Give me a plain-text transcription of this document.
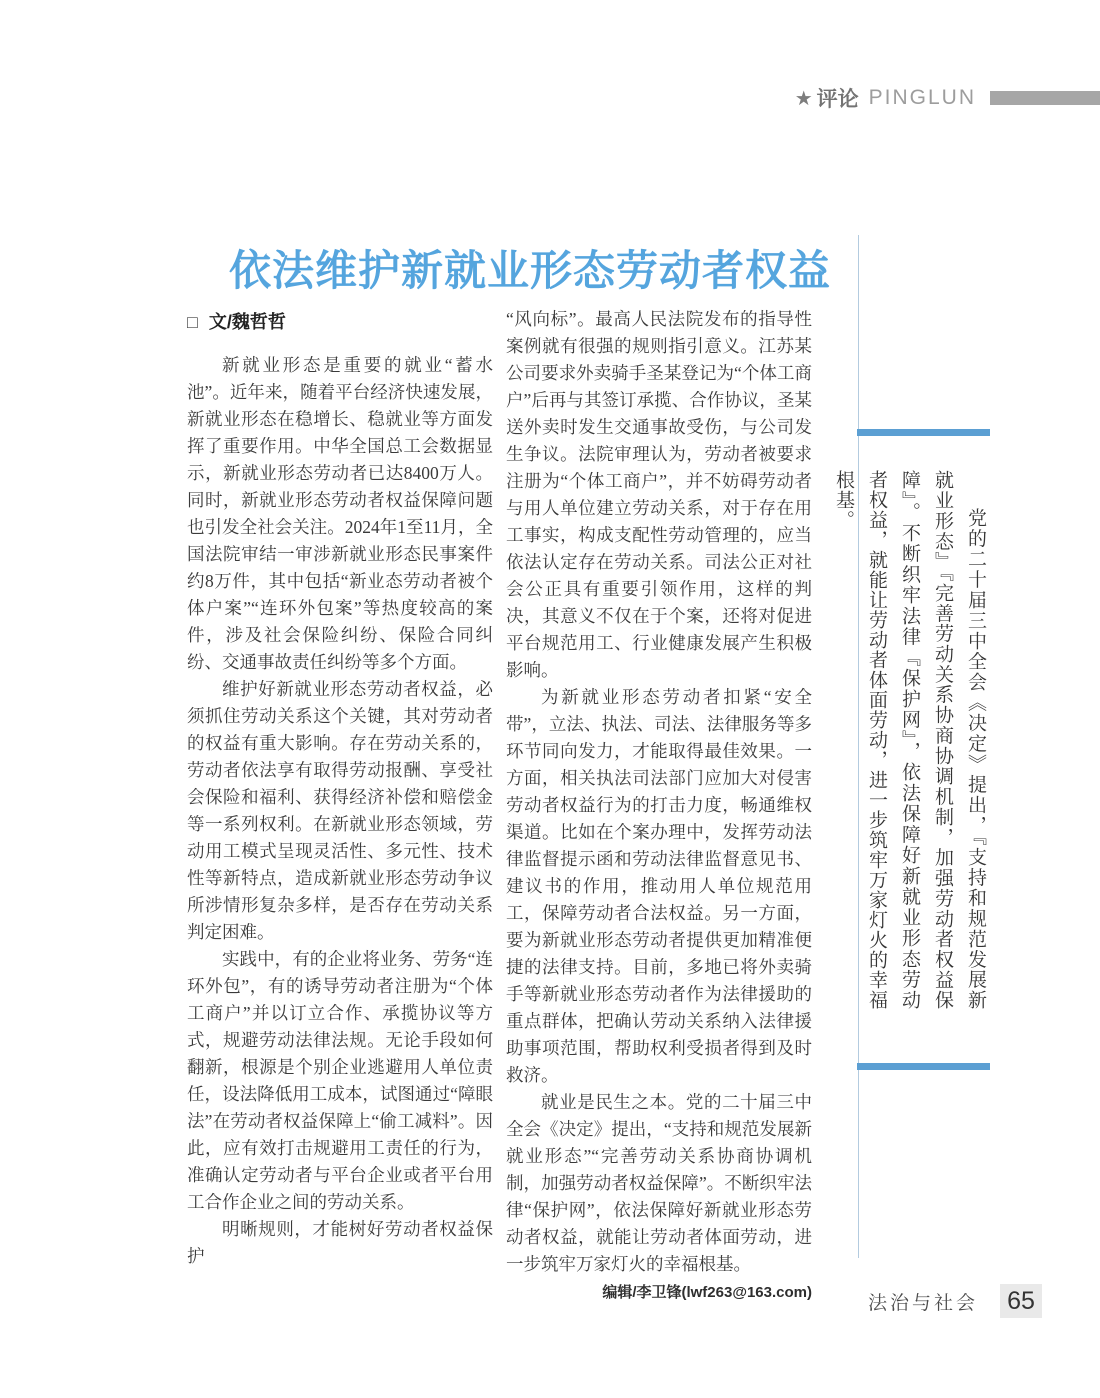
★ 评论 PINGLUN
依法维护新就业形态劳动者权益
□ 文/魏哲哲

新就业形态是重要的就业“蓄水池”。近年来，随着平台经济快速发展，新就业形态在稳增长、稳就业等方面发挥了重要作用。中华全国总工会数据显示，新就业形态劳动者已达8400万人。同时，新就业形态劳动者权益保障问题也引发全社会关注。2024年1至11月，全国法院审结一审涉新就业形态民事案件约8万件，其中包括“新业态劳动者被个体户案”“连环外包案”等热度较高的案件，涉及社会保险纠纷、保险合同纠纷、交通事故责任纠纷等多个方面。

维护好新就业形态劳动者权益，必须抓住劳动关系这个关键，其对劳动者的权益有重大影响。存在劳动关系的，劳动者依法享有取得劳动报酬、享受社会保险和福利、获得经济补偿和赔偿金等一系列权利。在新就业形态领域，劳动用工模式呈现灵活性、多元性、技术性等新特点，造成新就业形态劳动争议所涉情形复杂多样，是否存在劳动关系判定困难。

实践中，有的企业将业务、劳务“连环外包”，有的诱导劳动者注册为“个体工商户”并以订立合作、承揽协议等方式，规避劳动法律法规。无论手段如何翻新，根源是个别企业逃避用人单位责任，设法降低用工成本，试图通过“障眼法”在劳动者权益保障上“偷工减料”。因此，应有效打击规避用工责任的行为，准确认定劳动者与平台企业或者平台用工合作企业之间的劳动关系。

明晰规则，才能树好劳动者权益保护

“风向标”。最高人民法院发布的指导性案例就有很强的规则指引意义。江苏某公司要求外卖骑手圣某登记为“个体工商户”后再与其签订承揽、合作协议，圣某送外卖时发生交通事故受伤，与公司发生争议。法院审理认为，劳动者被要求注册为“个体工商户”，并不妨碍劳动者与用人单位建立劳动关系，对于存在用工事实，构成支配性劳动管理的，应当依法认定存在劳动关系。司法公正对社会公正具有重要引领作用，这样的判决，其意义不仅在于个案，还将对促进平台规范用工、行业健康发展产生积极影响。

为新就业形态劳动者扣紧“安全带”，立法、执法、司法、法律服务等多环节同向发力，才能取得最佳效果。一方面，相关执法司法部门应加大对侵害劳动者权益行为的打击力度，畅通维权渠道。比如在个案办理中，发挥劳动法律监督提示函和劳动法律监督意见书、建议书的作用，推动用人单位规范用工，保障劳动者合法权益。另一方面，要为新就业形态劳动者提供更加精准便捷的法律支持。目前，多地已将外卖骑手等新就业形态劳动者作为法律援助的重点群体，把确认劳动关系纳入法律援助事项范围，帮助权利受损者得到及时救济。

就业是民生之本。党的二十届三中全会《决定》提出，“支持和规范发展新就业形态”“完善劳动关系协商协调机制，加强劳动者权益保障”。不断织牢法律“保护网”，依法保障好新就业形态劳动者权益，就能让劳动者体面劳动，进一步筑牢万家灯火的幸福根基。

编辑/李卫锋(lwf263@163.com)
党的二十届三中全会《决定》提出，『支持和规范发展新就业形态』『完善劳动关系协商协调机制，加强劳动者权益保障』。不断织牢法律『保护网』，依法保障好新就业形态劳动者权益，就能让劳动者体面劳动，进一步筑牢万家灯火的幸福根基。
法治与社会 65
